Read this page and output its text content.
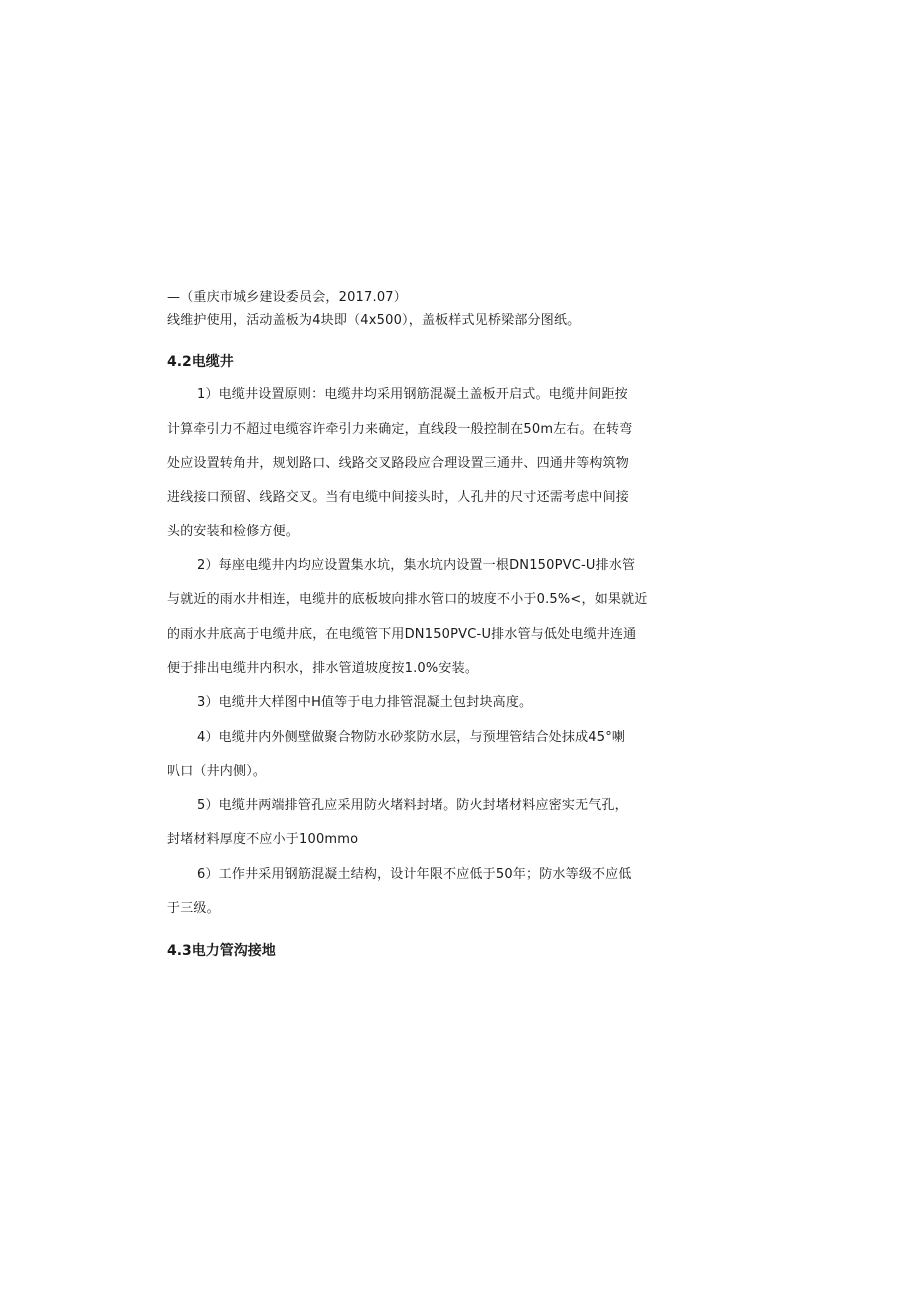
—（重庆市城乡建设委员会，2017.07）
线维护使用，活动盖板为4块即（4x500），盖板样式见桥梁部分图纸。
4.2电缆井
1）电缆井设置原则：电缆井均采用钢筋混凝土盖板开启式。电缆井间距按
计算牵引力不超过电缆容许牵引力来确定，直线段一般控制在50m左右。在转弯
处应设置转角井，规划路口、线路交叉路段应合理设置三通井、四通井等构筑物
进线接口预留、线路交叉。当有电缆中间接头时，人孔井的尺寸还需考虑中间接
头的安装和检修方便。
2）每座电缆井内均应设置集水坑，集水坑内设置一根DN150PVC-U排水管
与就近的雨水井相连，电缆井的底板坡向排水管口的坡度不小于0.5%<，如果就近
的雨水井底高于电缆井底，在电缆管下用DN150PVC-U排水管与低处电缆井连通
便于排出电缆井内积水，排水管道坡度按1.0%安装。
3）电缆井大样图中H值等于电力排管混凝土包封块高度。
4）电缆井内外侧壁做聚合物防水砂浆防水层，与预埋管结合处抹成45°喇
叭口（井内侧）。
5）电缆井两端排管孔应采用防火堵料封堵。防火封堵材料应密实无气孔，
封堵材料厚度不应小于100mmo
6）工作井采用钢筋混凝土结构，设计年限不应低于50年；防水等级不应低
于三级。
4.3电力管沟接地
